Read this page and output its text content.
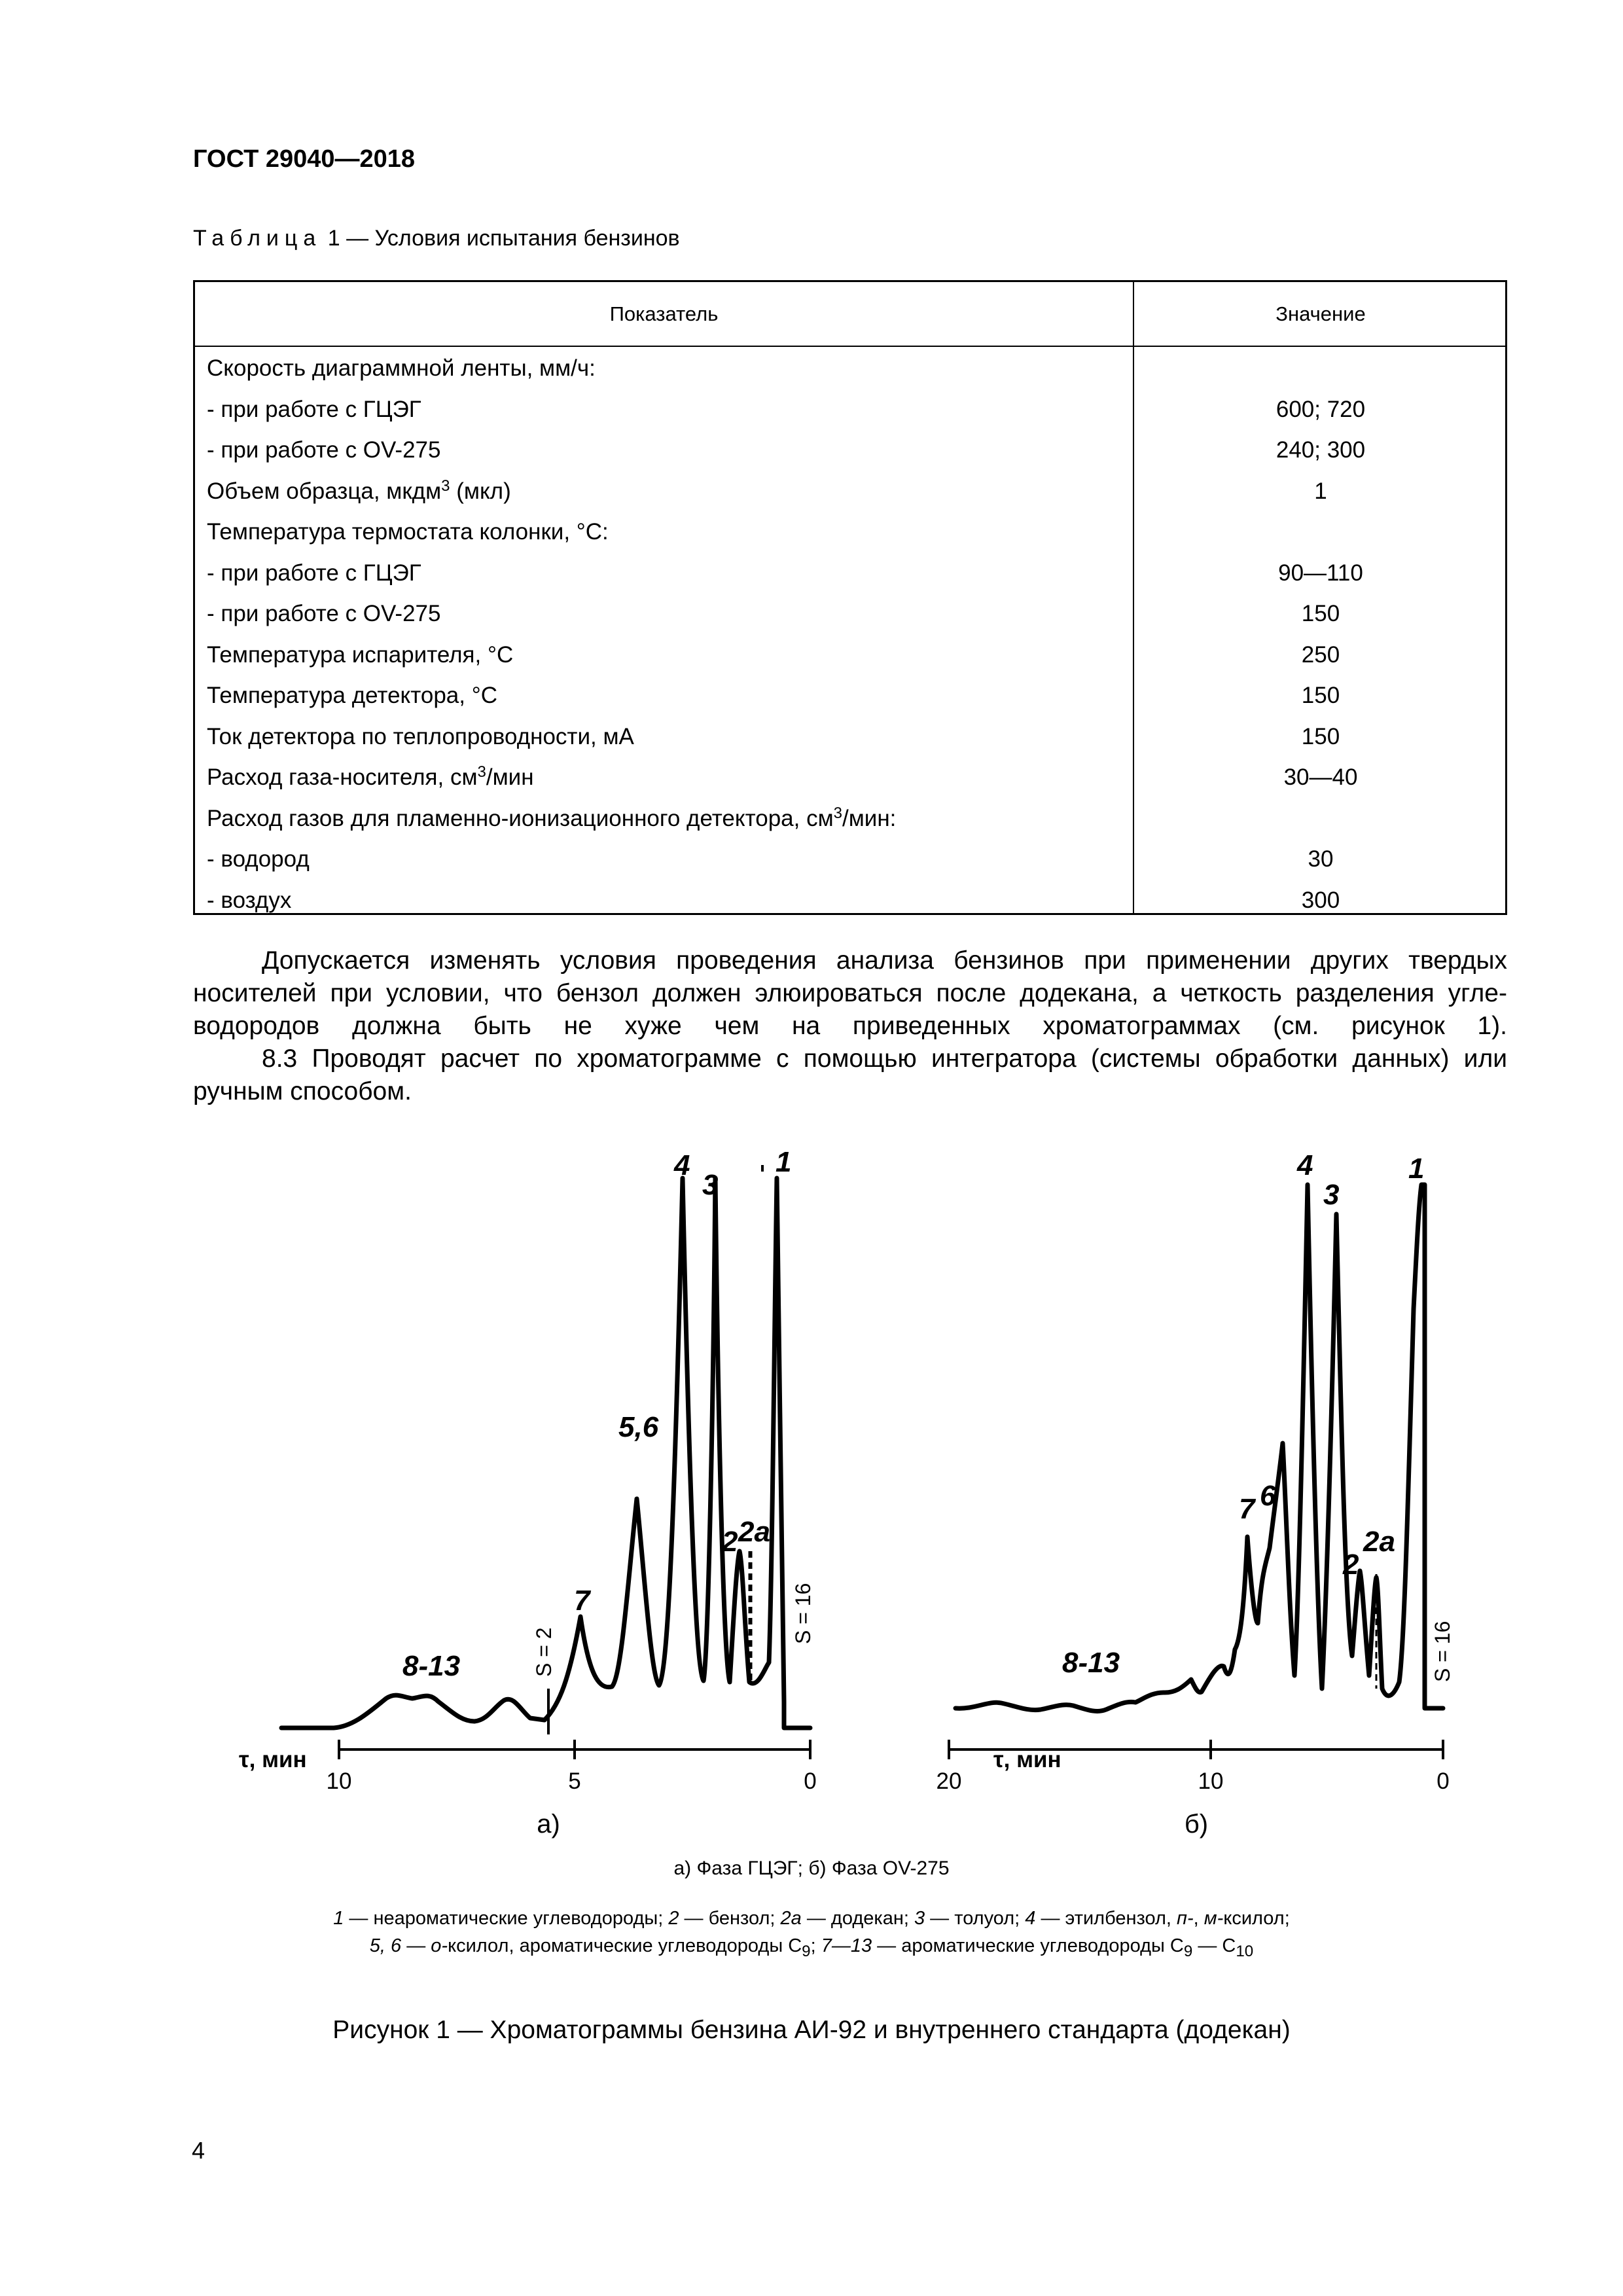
ГОСТ 29040—2018
Таблица 1 — Условия испытания бензинов
Показатель	Значение
Скорость диаграммной ленты, мм/ч:
- при работе с ГЦЭГ	600; 720
- при работе с OV-275	240; 300
Объем образца, мкдм$^3$ (мкл)	1
Температура термостата колонки, °С:
- при работе с ГЦЭГ	90—110
- при работе с OV-275	150
Температура испарителя, °С	250
Температура детектора, °С	150
Ток детектора по теплопроводности, мА	150
Расход газа-носителя, $см^3$/мин	30—40
Расход газов для пламенно-ионизационного детектора, $см^3$/мин:
- водород	30
- воздух	300
Допускается изменять условия проведения анализа бензинов при применении других твердых носителей при условии, что бензол должен элюироваться после додекана, а четкость разделения углеводородов должна быть не хуже чем на приведенных хроматограммах (см. рисунок 1).
8.3 Проводят расчет по хроматограмме с помощью интегратора (системы обработки данных) или ручным способом.
1
2 2а
3
4
5,6
7
8-13
1
2
2а
3
4
6
7
8-13
S = 2
S = 16
S = 16
τ, мин	τ, мин
10	5	0	20	10	0
а)	б)
а) Фаза ГЦЭГ; б) Фаза OV-275
1 — неароматические углеводороды; 2 — бензол; 2а — додекан; 3 — толуол; 4 — этилбензол, п-, м-ксилол;
5, 6 — о-ксилол, ароматические углеводороды $С_9$; 7—13 — ароматические углеводороды $С_9$ — $С_{10}$
Рисунок 1 — Хроматограммы бензина АИ-92 и внутреннего стандарта (додекан)
4
